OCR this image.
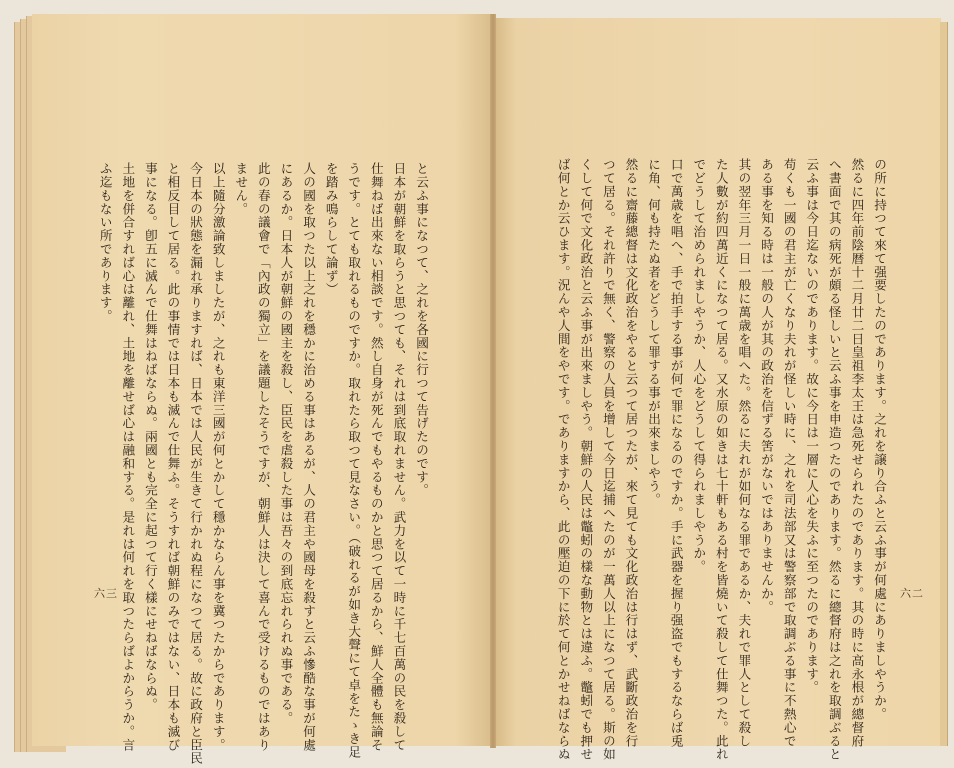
の所に持つて來て强要したのであります。之れを譲り合ふと云ふ事が何處にありましやうか。

然るに四年前陰暦十二月廿二日皇祖李太王は急死せられたのであります。其の時に高永根が總督府

へ書面で其の病死が頗る怪しいと云ふ事を申造つたのであります。然るに總督府は之れを取調ぶると

云ふ事は今日迄ないのであります。故に今日は一層に人心を失ふに至つたのであります。

苟くも一國の君主が亡くなり夫れが怪しい時に、之れを司法部又は警察部で取調ぶる事に不熱心で

ある事を知る時は一般の人が其の政治を信ずる筈がないではありませんか。

其の翌年三月一日一般に萬歳を唱へた。然るに夫れが如何なる罪であるか、夫れで罪人として殺し

た人數が約四萬近くになつて居る。又水原の如きは七十軒もある村を皆燒いて殺して仕舞つた。此れ

でどうして治められましやうか、人心をどうして得られましやうか。

口で萬歳を唱へ、手で拍手する事が何で罪になるのですか。手に武器を握り强盗でもするならば兎

に角、何も持たぬ者をどうして罪する事が出來ましやう。

然るに齋藤總督は文化政治をやると云つて居つたが、來て見ても文化政治は行はず、武斷政治を行

つて居る。それ許りで無く、警察の人員を增して今日迄捕へたのが一萬人以上になつて居る。斯の如

くして何で文化政治と云ふ事が出來ましやう。朝鮮の人民は鼈蚓の樣な動物とは違ふ。鼈蚓でも押せ

ば何とか云ひます。況んや人間をやです。でありますから、此の壓迫の下に於て何とかせねばならぬ	六二

と云ふ事になつて、之れを各國に行つて告げたのです。

日本が朝鮮を取らうと思つても、それは到底取れません。武力を以て一時に千七百萬の民を殺して

仕舞ねば出來ない相談です。然し自身が死んでもやるものかと思つて居るから、鮮人全體も無論そ

うです。とても取れるものですか。取れたら取つて見なさい。（破れるが如き大聲にて卓をたゝき足

を踏み鳴らして論ず）

人の國を取つた以上之れを穩かに治める事はあるが、人の君主や國母を殺すと云ふ慘酷な事が何處

にあるか。日本人が朝鮮の國主を殺し、臣民を虐殺した事は吾々の到底忘れられぬ事である。

此の春の議會で「內政の獨立」を議題したそうですが、朝鮮人は決して喜んで受けるものではあり

ません。

以上隨分激論致しましたが、之れも東洋三國が何とかして穩かならん事を冀つたからであります。

今日本の狀態を漏れ承りますれば、日本では人民が生きて行かれぬ程になつて居る。故に政府と臣民

と相反目して居る。此の事情では日本も滅んで仕舞ふ。そうすれば朝鮮のみではない、日本も滅び

事になる。卽五に滅んで仕舞はねばならぬ。兩國とも完全に起つて行く樣にせねばならぬ。

土地を併合すれば心は離れ、土地を離せば心は融和する。是れは何れを取つたらばよからうか。言

ふ迄もない所であります。

六三
